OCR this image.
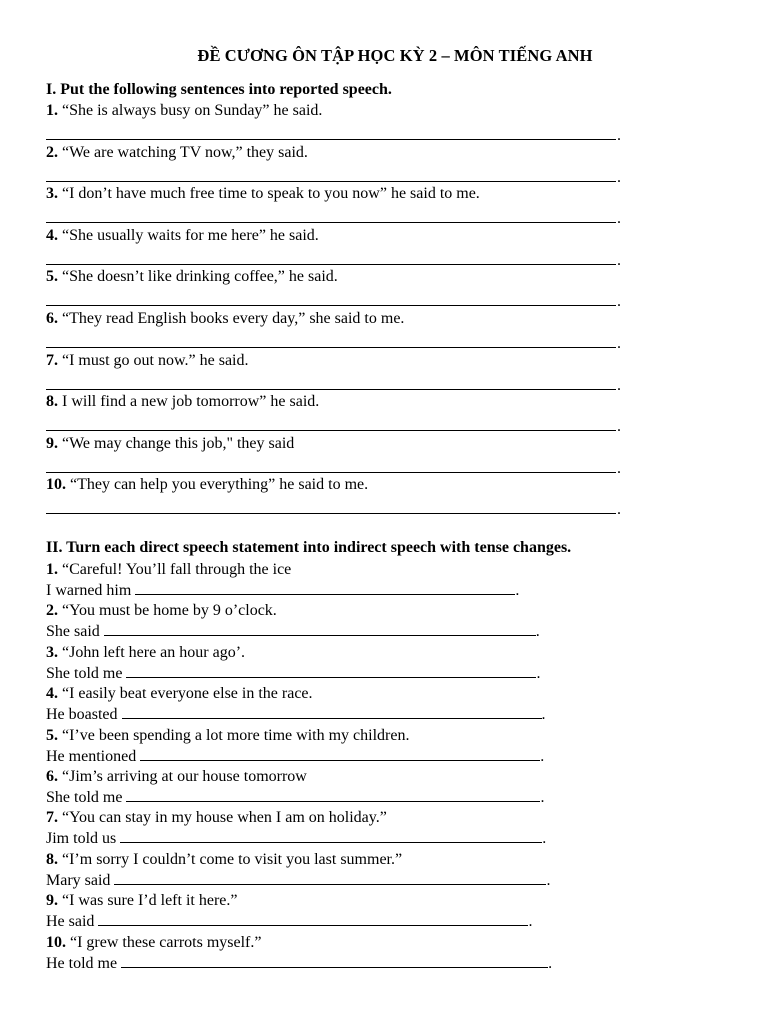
ĐỀ CƯƠNG ÔN TẬP HỌC KỲ 2 – MÔN TIẾNG ANH
I. Put the following sentences into reported speech.
1. “She is always busy on Sunday” he said.
.
2. “We are watching TV now,” they said.
.
3. “I don’t have much free time to speak to you now” he said to me.
.
4. “She usually waits for me here” he said.
.
5. “She doesn’t like drinking coffee,” he said.
.
6. “They read English books every day,” she said to me.
.
7. “I must go out now.” he said.
.
8. I will find a new job tomorrow” he said.
.
9. “We may change this job," they said
.
10. “They can help you everything” he said to me.
.
II. Turn each direct speech statement into indirect speech with tense changes.
1. “Careful! You’ll fall through the ice
I warned him	.
2. “You must be home by 9 o’clock.
She said	.
3. “John left here an hour ago’.
She told me	.
4. “I easily beat everyone else in the race.
He boasted	.
5. “I’ve been spending a lot more time with my children.
He mentioned	.
6. “Jim’s arriving at our house tomorrow
She told me	.
7. “You can stay in my house when I am on holiday.”
Jim told us	.
8. “I’m sorry I couldn’t come to visit you last summer.”
Mary said	.
9. “I was sure I’d left it here.”
He said	.
10. “I grew these carrots myself.”
He told me	.
